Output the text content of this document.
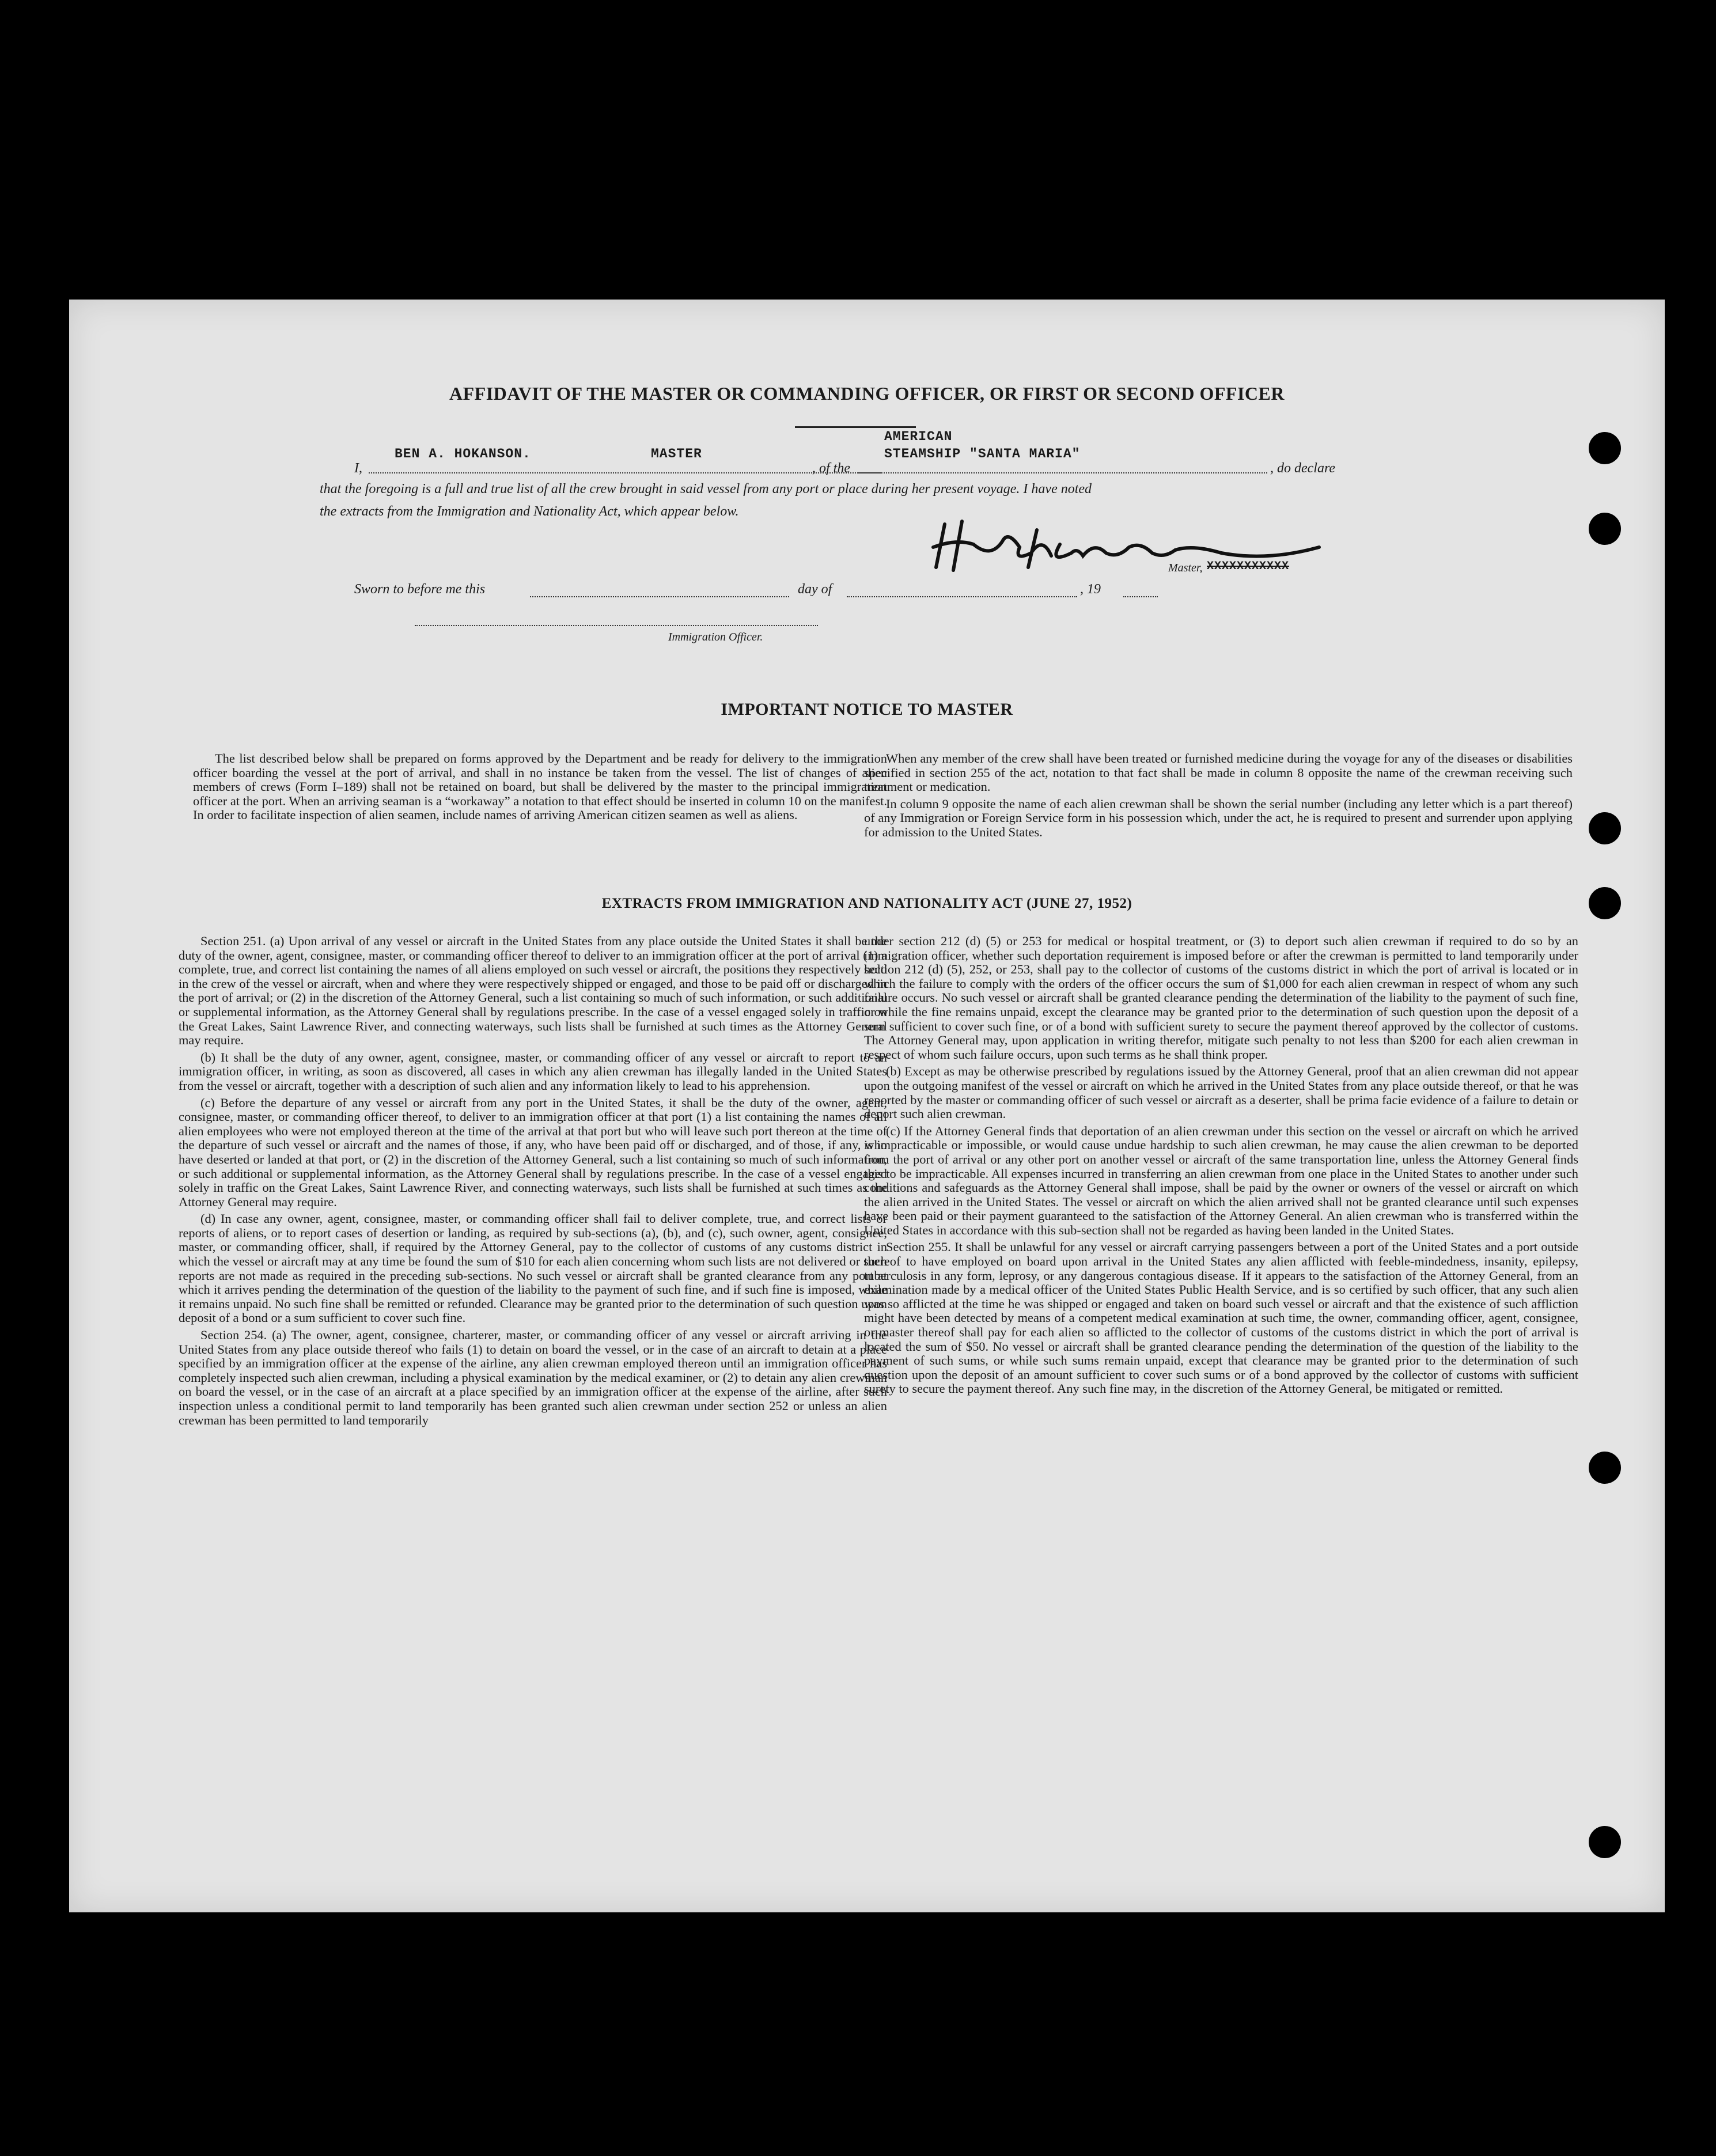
AFFIDAVIT OF THE MASTER OR COMMANDING OFFICER, OR FIRST OR SECOND OFFICER
I,
BEN A. HOKANSON.	MASTER
, of the
AMERICAN
STEAMSHIP "SANTA MARIA"
, do declare
that the foregoing is a full and true list of all the crew brought in said vessel from any port or place during her present voyage. I have noted
the extracts from the Immigration and Nationality Act, which appear below.
Master, XXXXXXXXXXX
Sworn to before me this	day of	, 19
Immigration Officer.
IMPORTANT NOTICE TO MASTER

The list described below shall be prepared on forms approved by the Department and be ready for delivery to the immigration officer boarding the vessel at the port of arrival, and shall in no instance be taken from the vessel. The list of changes of alien members of crews (Form I–189) shall not be retained on board, but shall be delivered by the master to the principal immigration officer at the port. When an arriving seaman is a “workaway” a notation to that effect should be inserted in column 10 on the manifest. In order to facilitate inspection of alien seamen, include names of arriving American citizen seamen as well as aliens.

When any member of the crew shall have been treated or furnished medicine during the voyage for any of the diseases or disabilities specified in section 255 of the act, notation to that fact shall be made in column 8 opposite the name of the crewman receiving such treatment or medication.

In column 9 opposite the name of each alien crewman shall be shown the serial number (including any letter which is a part thereof) of any Immigration or Foreign Service form in his possession which, under the act, he is required to present and surrender upon applying for admission to the United States.

EXTRACTS FROM IMMIGRATION AND NATIONALITY ACT (JUNE 27, 1952)

Section 251. (a) Upon arrival of any vessel or aircraft in the United States from any place outside the United States it shall be the duty of the owner, agent, consignee, master, or commanding officer thereof to deliver to an immigration officer at the port of arrival (1) a complete, true, and correct list containing the names of all aliens employed on such vessel or aircraft, the positions they respectively hold in the crew of the vessel or aircraft, when and where they were respectively shipped or engaged, and those to be paid off or discharged in the port of arrival; or (2) in the discretion of the Attorney General, such a list containing so much of such information, or such additional or supplemental information, as the Attorney General shall by regulations prescribe. In the case of a vessel engaged solely in traffic on the Great Lakes, Saint Lawrence River, and connecting waterways, such lists shall be furnished at such times as the Attorney General may require.

(b) It shall be the duty of any owner, agent, consignee, master, or commanding officer of any vessel or aircraft to report to an immigration officer, in writing, as soon as discovered, all cases in which any alien crewman has illegally landed in the United States from the vessel or aircraft, together with a description of such alien and any information likely to lead to his apprehension.

(c) Before the departure of any vessel or aircraft from any port in the United States, it shall be the duty of the owner, agent, consignee, master, or commanding officer thereof, to deliver to an immigration officer at that port (1) a list containing the names of all alien employees who were not employed thereon at the time of the arrival at that port but who will leave such port thereon at the time of the departure of such vessel or aircraft and the names of those, if any, who have been paid off or discharged, and of those, if any, who have deserted or landed at that port, or (2) in the discretion of the Attorney General, such a list containing so much of such information, or such additional or supplemental information, as the Attorney General shall by regulations prescribe. In the case of a vessel engaged solely in traffic on the Great Lakes, Saint Lawrence River, and connecting waterways, such lists shall be furnished at such times as the Attorney General may require.

(d) In case any owner, agent, consignee, master, or commanding officer shall fail to deliver complete, true, and correct lists or reports of aliens, or to report cases of desertion or landing, as required by sub-sections (a), (b), and (c), such owner, agent, consignee, master, or commanding officer, shall, if required by the Attorney General, pay to the collector of customs of any customs district in which the vessel or aircraft may at any time be found the sum of $10 for each alien concerning whom such lists are not delivered or such reports are not made as required in the preceding sub-sections. No such vessel or aircraft shall be granted clearance from any port at which it arrives pending the determination of the question of the liability to the payment of such fine, and if such fine is imposed, while it remains unpaid. No such fine shall be remitted or refunded. Clearance may be granted prior to the determination of such question upon deposit of a bond or a sum sufficient to cover such fine.

Section 254. (a) The owner, agent, consignee, charterer, master, or commanding officer of any vessel or aircraft arriving in the United States from any place outside thereof who fails (1) to detain on board the vessel, or in the case of an aircraft to detain at a place specified by an immigration officer at the expense of the airline, any alien crewman employed thereon until an immigration officer has completely inspected such alien crewman, including a physical examination by the medical examiner, or (2) to detain any alien crewman on board the vessel, or in the case of an aircraft at a place specified by an immigration officer at the expense of the airline, after such inspection unless a conditional permit to land temporarily has been granted such alien crewman under section 252 or unless an alien crewman has been permitted to land temporarily

under section 212 (d) (5) or 253 for medical or hospital treatment, or (3) to deport such alien crewman if required to do so by an immigration officer, whether such deportation requirement is imposed before or after the crewman is permitted to land temporarily under section 212 (d) (5), 252, or 253, shall pay to the collector of customs of the customs district in which the port of arrival is located or in which the failure to comply with the orders of the officer occurs the sum of $1,000 for each alien crewman in respect of whom any such failure occurs. No such vessel or aircraft shall be granted clearance pending the determination of the liability to the payment of such fine, or while the fine remains unpaid, except the clearance may be granted prior to the determination of such question upon the deposit of a sum sufficient to cover such fine, or of a bond with sufficient surety to secure the payment thereof approved by the collector of customs. The Attorney General may, upon application in writing therefor, mitigate such penalty to not less than $200 for each alien crewman in respect of whom such failure occurs, upon such terms as he shall think proper.

(b) Except as may be otherwise prescribed by regulations issued by the Attorney General, proof that an alien crewman did not appear upon the outgoing manifest of the vessel or aircraft on which he arrived in the United States from any place outside thereof, or that he was reported by the master or commanding officer of such vessel or aircraft as a deserter, shall be prima facie evidence of a failure to detain or deport such alien crewman.

(c) If the Attorney General finds that deportation of an alien crewman under this section on the vessel or aircraft on which he arrived is impracticable or impossible, or would cause undue hardship to such alien crewman, he may cause the alien crewman to be deported from the port of arrival or any other port on another vessel or aircraft of the same transportation line, unless the Attorney General finds this to be impracticable. All expenses incurred in transferring an alien crewman from one place in the United States to another under such conditions and safeguards as the Attorney General shall impose, shall be paid by the owner or owners of the vessel or aircraft on which the alien arrived in the United States. The vessel or aircraft on which the alien arrived shall not be granted clearance until such expenses have been paid or their payment guaranteed to the satisfaction of the Attorney General. An alien crewman who is transferred within the United States in accordance with this sub-section shall not be regarded as having been landed in the United States.

Section 255. It shall be unlawful for any vessel or aircraft carrying passengers between a port of the United States and a port outside thereof to have employed on board upon arrival in the United States any alien afflicted with feeble-mindedness, insanity, epilepsy, tuberculosis in any form, leprosy, or any dangerous contagious disease. If it appears to the satisfaction of the Attorney General, from an examination made by a medical officer of the United States Public Health Service, and is so certified by such officer, that any such alien was so afflicted at the time he was shipped or engaged and taken on board such vessel or aircraft and that the existence of such affliction might have been detected by means of a competent medical examination at such time, the owner, commanding officer, agent, consignee, or master thereof shall pay for each alien so afflicted to the collector of customs of the customs district in which the port of arrival is located the sum of $50. No vessel or aircraft shall be granted clearance pending the determination of the question of the liability to the payment of such sums, or while such sums remain unpaid, except that clearance may be granted prior to the determination of such question upon the deposit of an amount sufficient to cover such sums or of a bond approved by the collector of customs with sufficient surety to secure the payment thereof. Any such fine may, in the discretion of the Attorney General, be mitigated or remitted.
